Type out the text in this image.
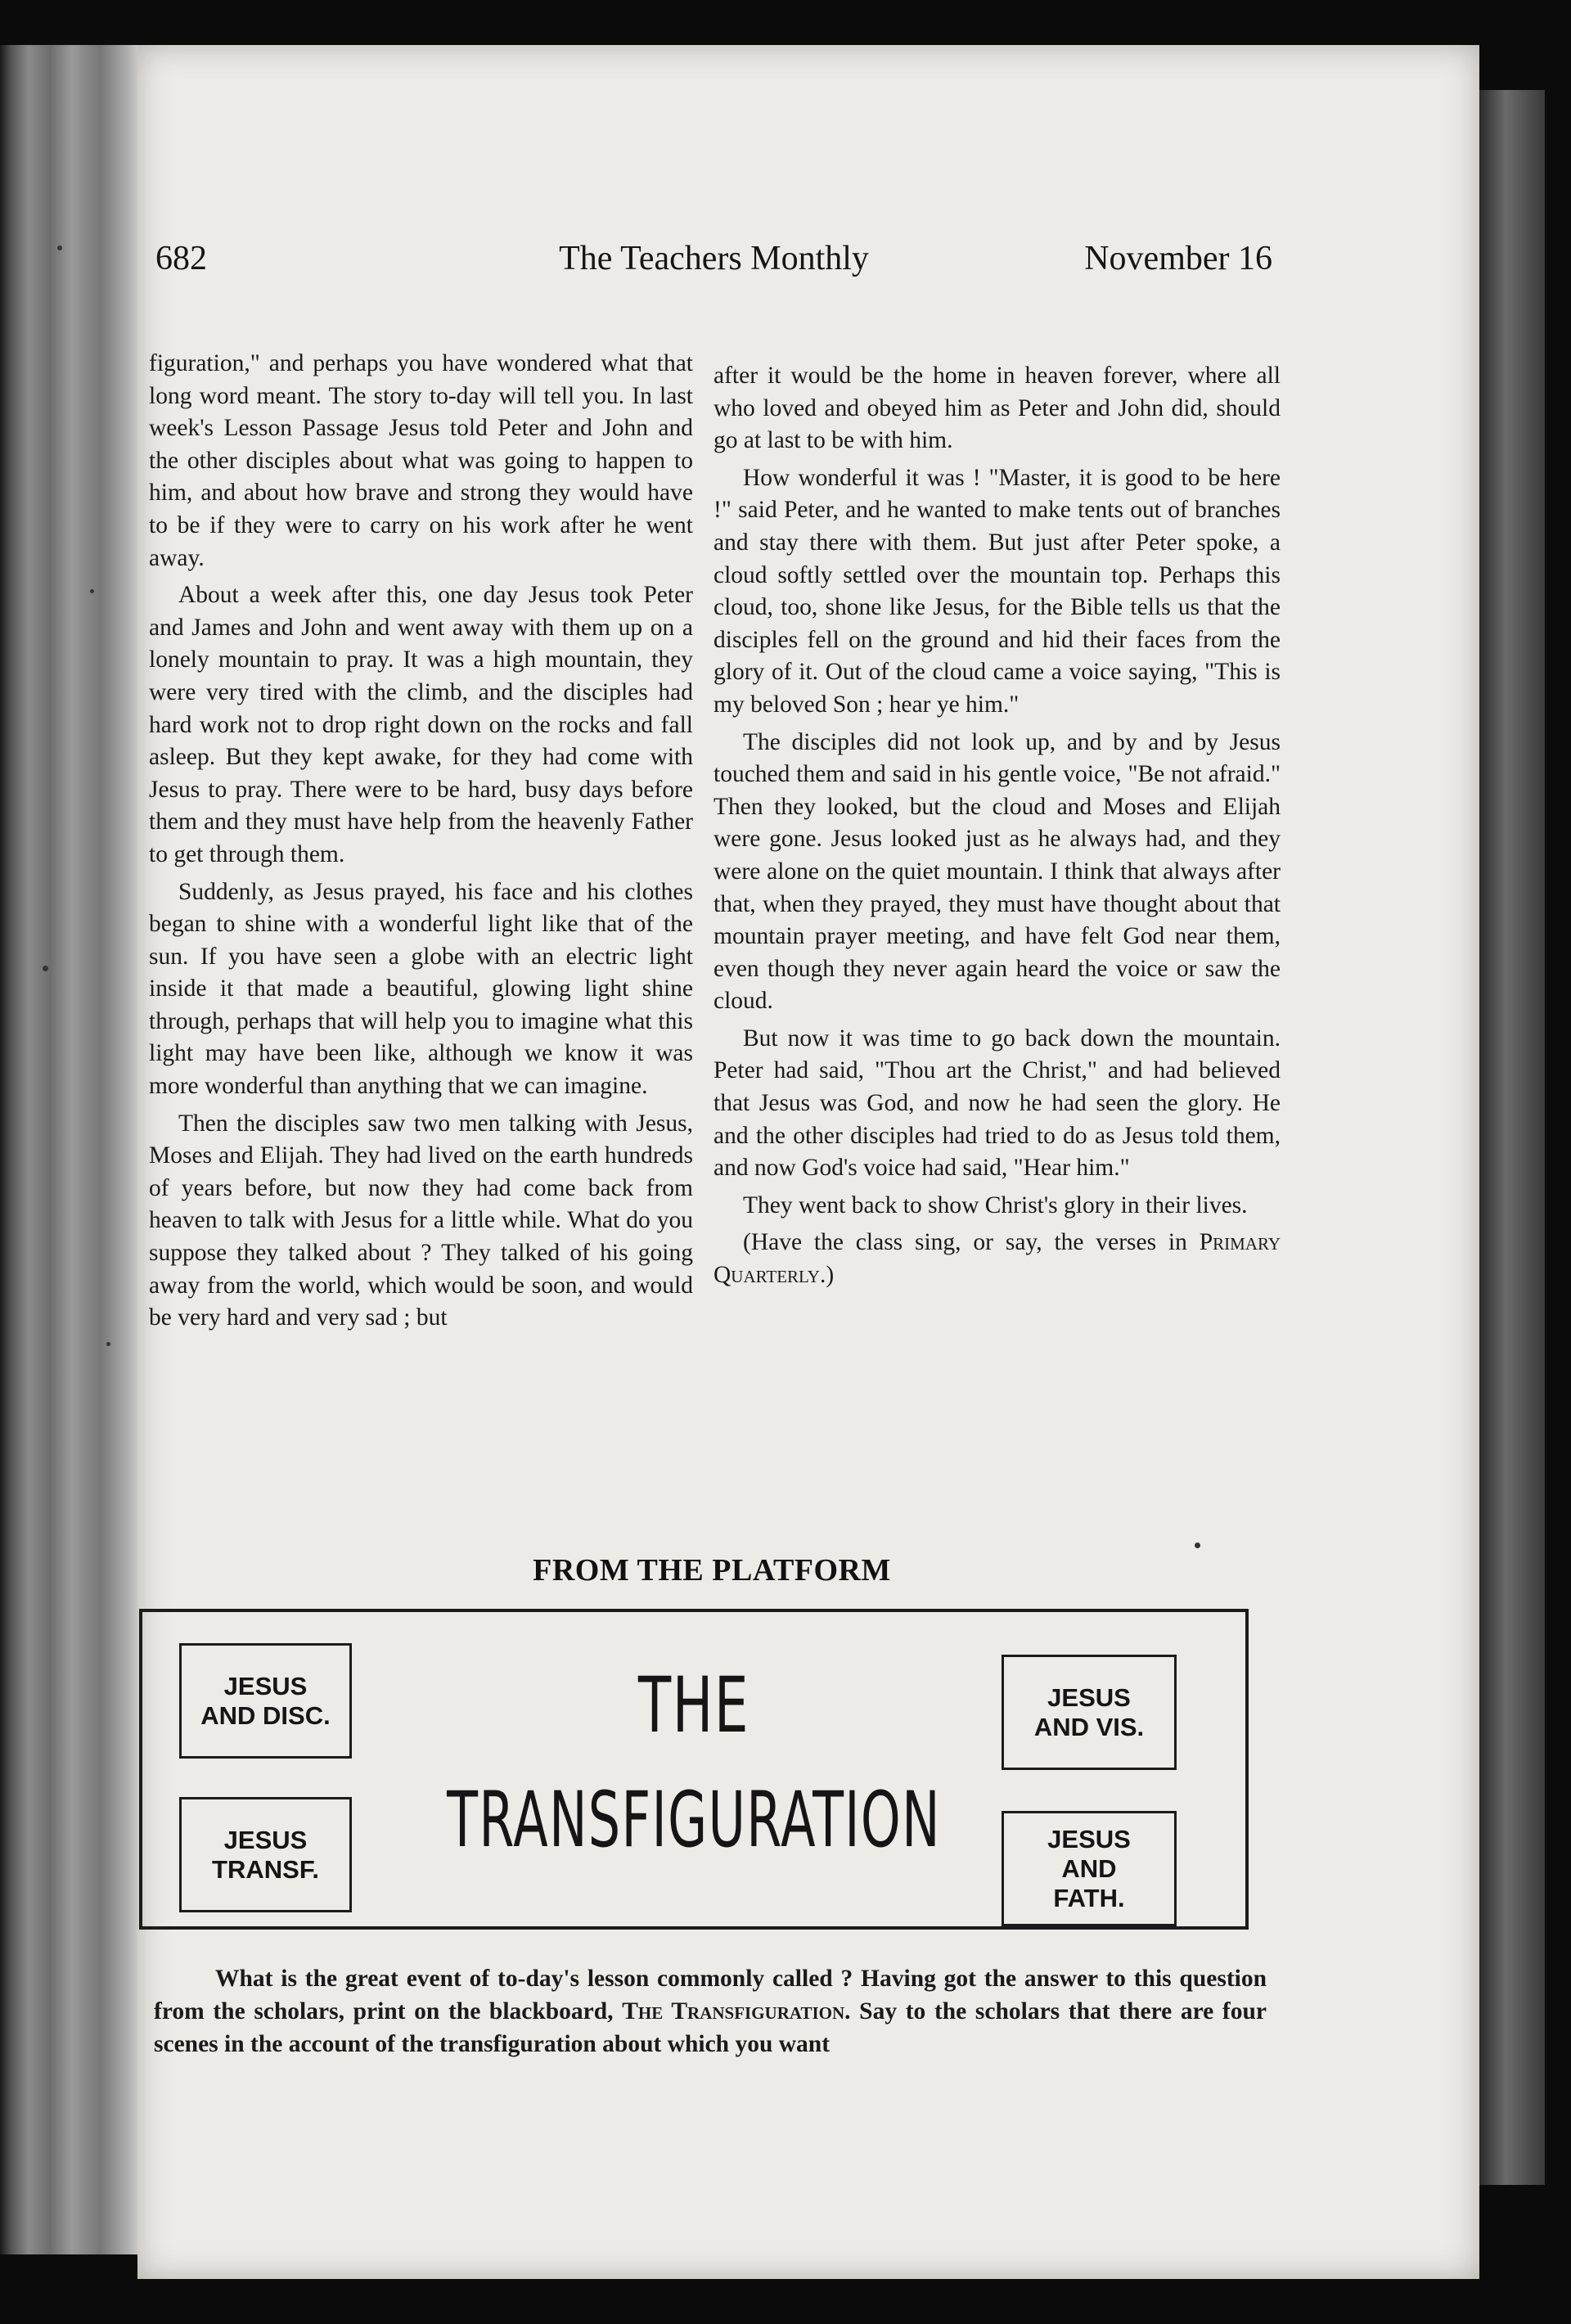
682	The Teachers Monthly	November 16

figuration," and perhaps you have wondered what that long word meant. The story to-day will tell you. In last week's Lesson Passage Jesus told Peter and John and the other disciples about what was going to happen to him, and about how brave and strong they would have to be if they were to carry on his work after he went away.

About a week after this, one day Jesus took Peter and James and John and went away with them up on a lonely mountain to pray. It was a high mountain, they were very tired with the climb, and the disciples had hard work not to drop right down on the rocks and fall asleep. But they kept awake, for they had come with Jesus to pray. There were to be hard, busy days before them and they must have help from the heavenly Father to get through them.

Suddenly, as Jesus prayed, his face and his clothes began to shine with a wonderful light like that of the sun. If you have seen a globe with an electric light inside it that made a beautiful, glowing light shine through, perhaps that will help you to imagine what this light may have been like, although we know it was more wonderful than anything that we can imagine.

Then the disciples saw two men talking with Jesus, Moses and Elijah. They had lived on the earth hundreds of years before, but now they had come back from heaven to talk with Jesus for a little while. What do you suppose they talked about ? They talked of his going away from the world, which would be soon, and would be very hard and very sad ; but

after it would be the home in heaven forever, where all who loved and obeyed him as Peter and John did, should go at last to be with him.

How wonderful it was ! "Master, it is good to be here !" said Peter, and he wanted to make tents out of branches and stay there with them. But just after Peter spoke, a cloud softly settled over the mountain top. Perhaps this cloud, too, shone like Jesus, for the Bible tells us that the disciples fell on the ground and hid their faces from the glory of it. Out of the cloud came a voice saying, "This is my beloved Son ; hear ye him."

The disciples did not look up, and by and by Jesus touched them and said in his gentle voice, "Be not afraid." Then they looked, but the cloud and Moses and Elijah were gone. Jesus looked just as he always had, and they were alone on the quiet mountain. I think that always after that, when they prayed, they must have thought about that mountain prayer meeting, and have felt God near them, even though they never again heard the voice or saw the cloud.

But now it was time to go back down the mountain. Peter had said, "Thou art the Christ," and had believed that Jesus was God, and now he had seen the glory. He and the other disciples had tried to do as Jesus told them, and now God's voice had said, "Hear him."

They went back to show Christ's glory in their lives.

(Have the class sing, or say, the verses in Primary Quarterly.)

FROM THE PLATFORM
JESUS
AND DISC.
JESUS
TRANSF.
JESUS
AND VIS.
JESUS
AND
FATH.
THE
TRANSFIGURATION
What is the great event of to-day's lesson commonly called ? Having got the answer to this question from the scholars, print on the blackboard, The Transfiguration. Say to the scholars that there are four scenes in the account of the transfiguration about which you want
